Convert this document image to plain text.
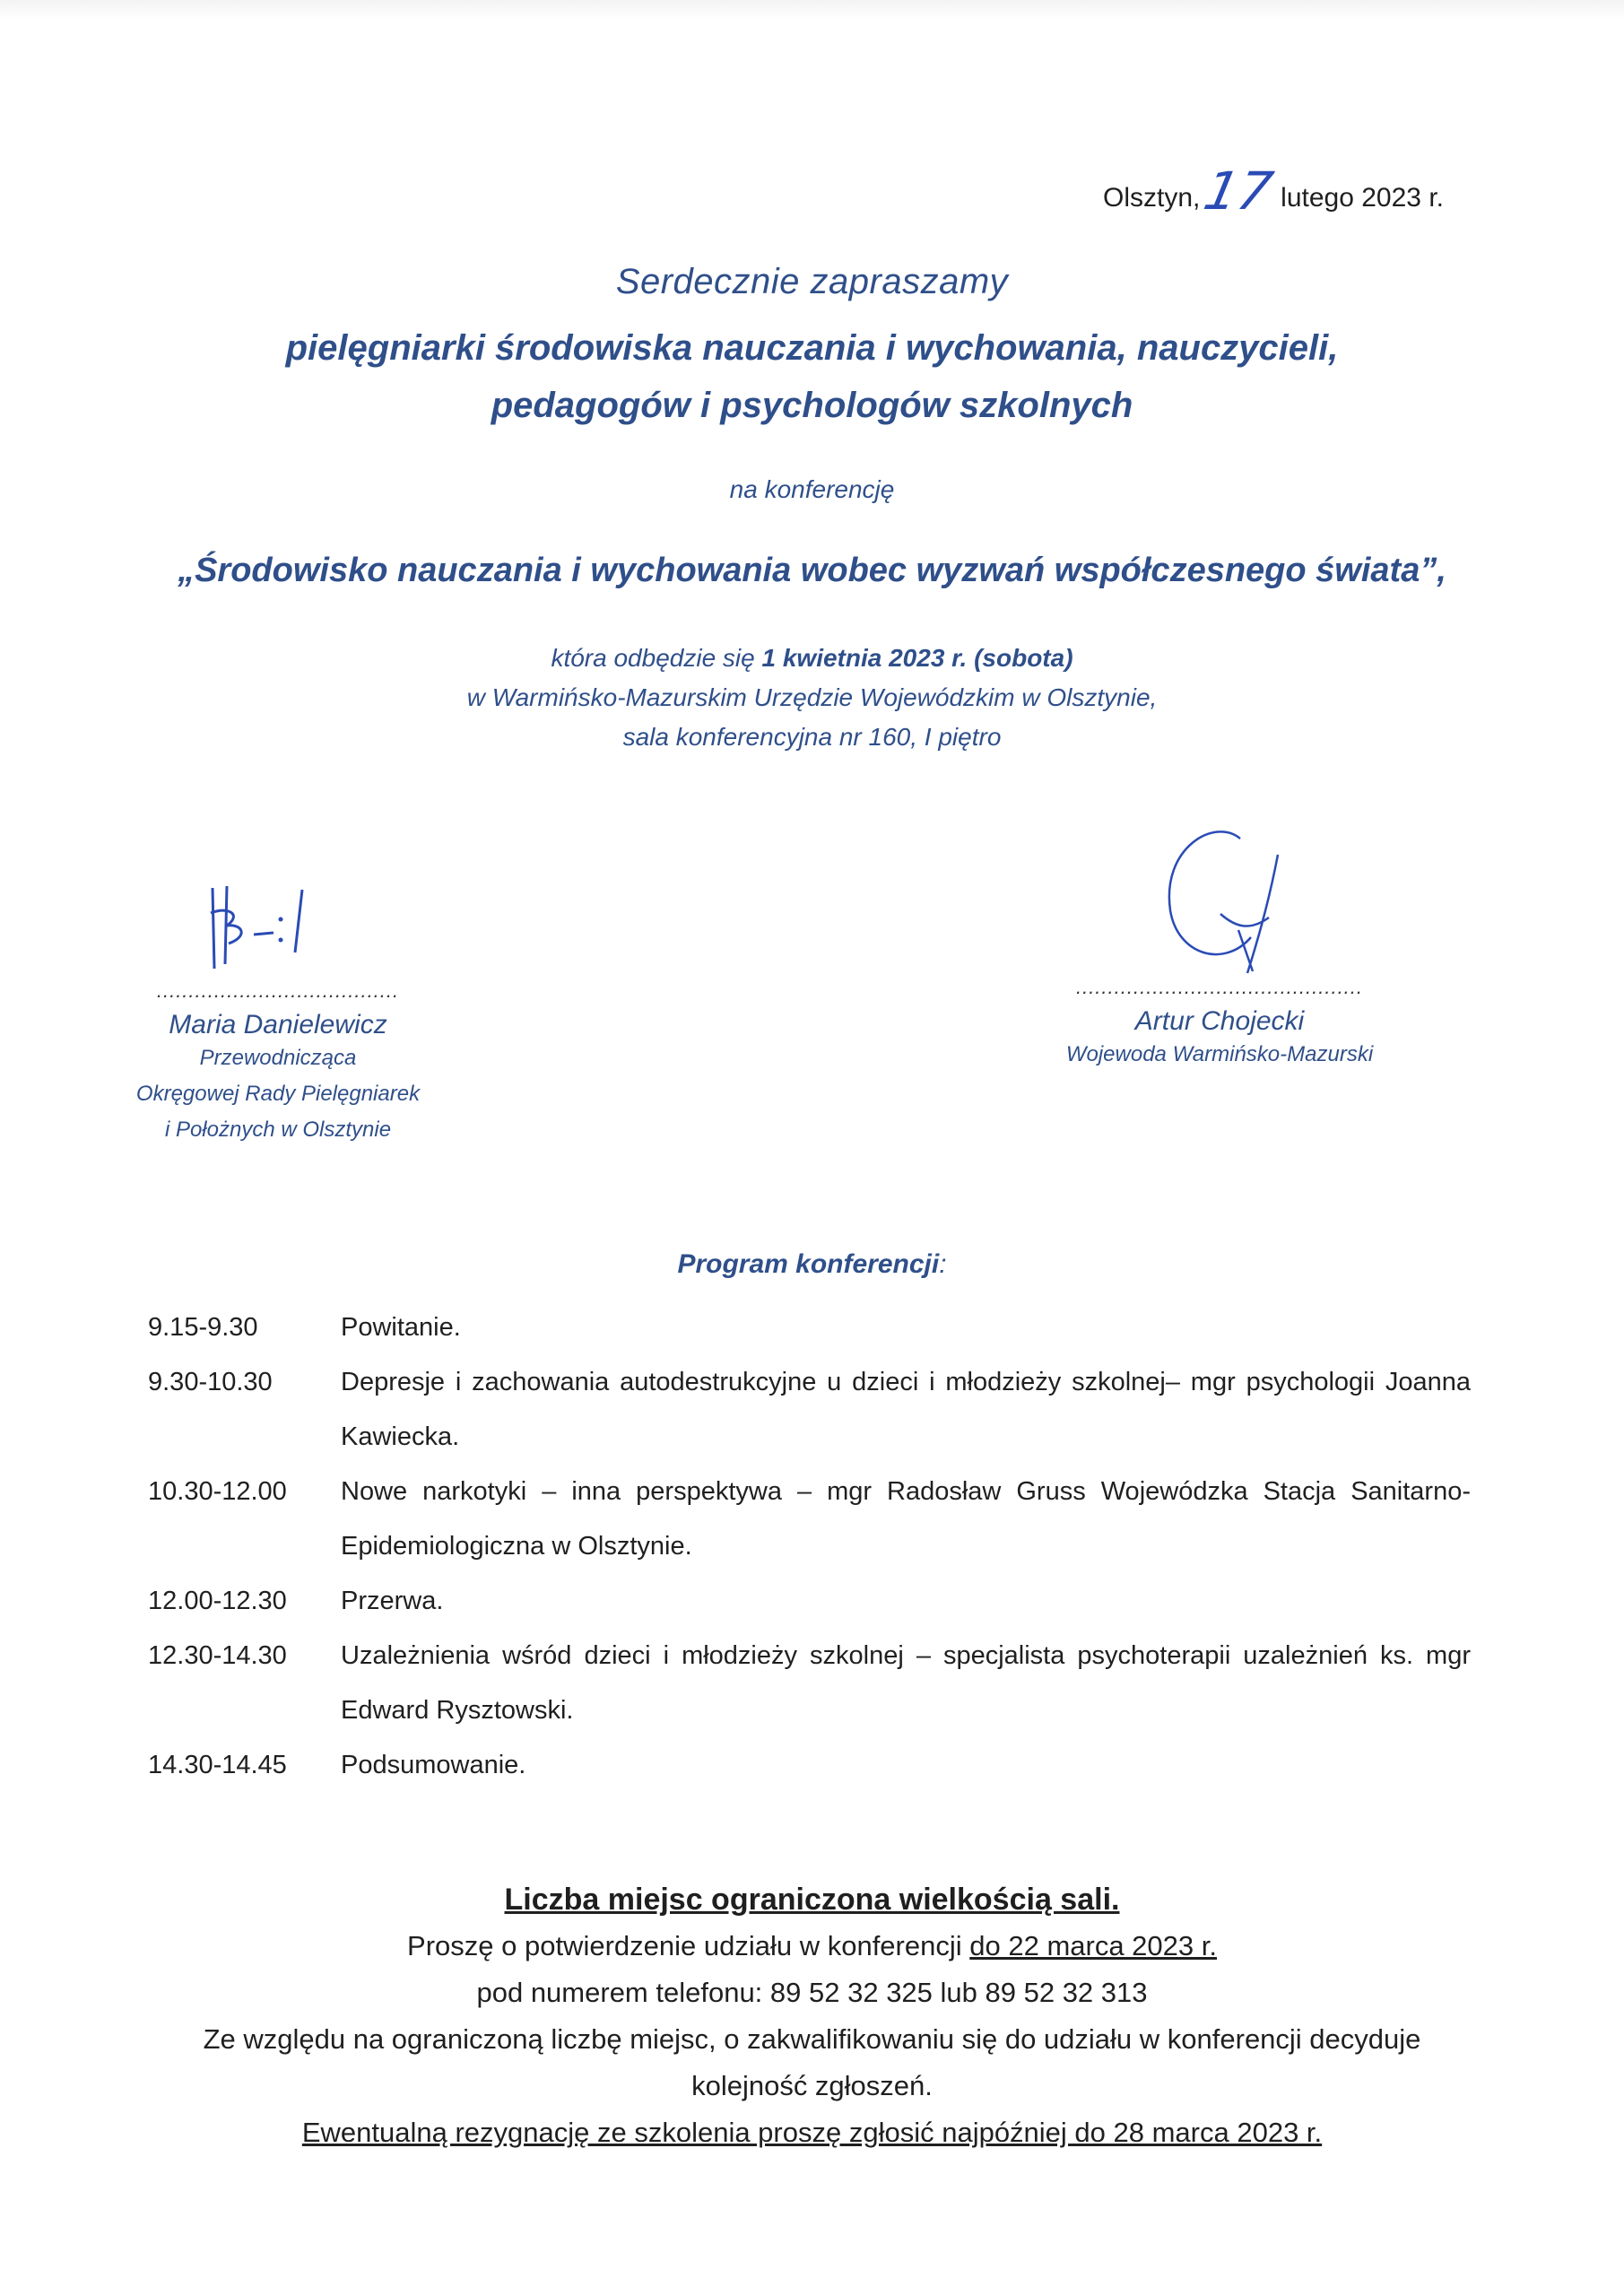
Olsztyn,
17 lutego 2023 r.
Serdecznie zapraszamy
pielęgniarki środowiska nauczania i wychowania, nauczycieli,
pedagogów i psychologów szkolnych
na konferencję
„Środowisko nauczania i wychowania wobec wyzwań współczesnego świata”,
która odbędzie się 1 kwietnia 2023 r. (sobota)
w Warmińsko-Mazurskim Urzędzie Wojewódzkim w Olsztynie,
sala konferencyjna nr 160, I piętro
......................................
Maria Danielewicz
Przewodnicząca
Okręgowej Rady Pielęgniarek
i Położnych w Olsztynie
.............................................
Artur Chojecki
Wojewoda Warmińsko-Mazurski
Program konferencji:
9.15-9.30	Powitanie.
9.30-10.30	Depresje i zachowania autodestrukcyjne u dzieci i młodzieży szkolnej– mgr psychologii Joanna Kawiecka.
10.30-12.00	Nowe narkotyki – inna perspektywa – mgr Radosław Gruss Wojewódzka Stacja Sanitarno-Epidemiologiczna w Olsztynie.
12.00-12.30	Przerwa.
12.30-14.30	Uzależnienia wśród dzieci i młodzieży szkolnej – specjalista psychoterapii uzależnień ks. mgr Edward Rysztowski.
14.30-14.45	Podsumowanie.
Liczba miejsc ograniczona wielkością sali.
Proszę o potwierdzenie udziału w konferencji do 22 marca 2023 r.
pod numerem telefonu: 89 52 32 325 lub 89 52 32 313
Ze względu na ograniczoną liczbę miejsc, o zakwalifikowaniu się do udziału w konferencji decyduje
kolejność zgłoszeń.
Ewentualną rezygnację ze szkolenia proszę zgłosić najpóźniej do 28 marca 2023 r.
